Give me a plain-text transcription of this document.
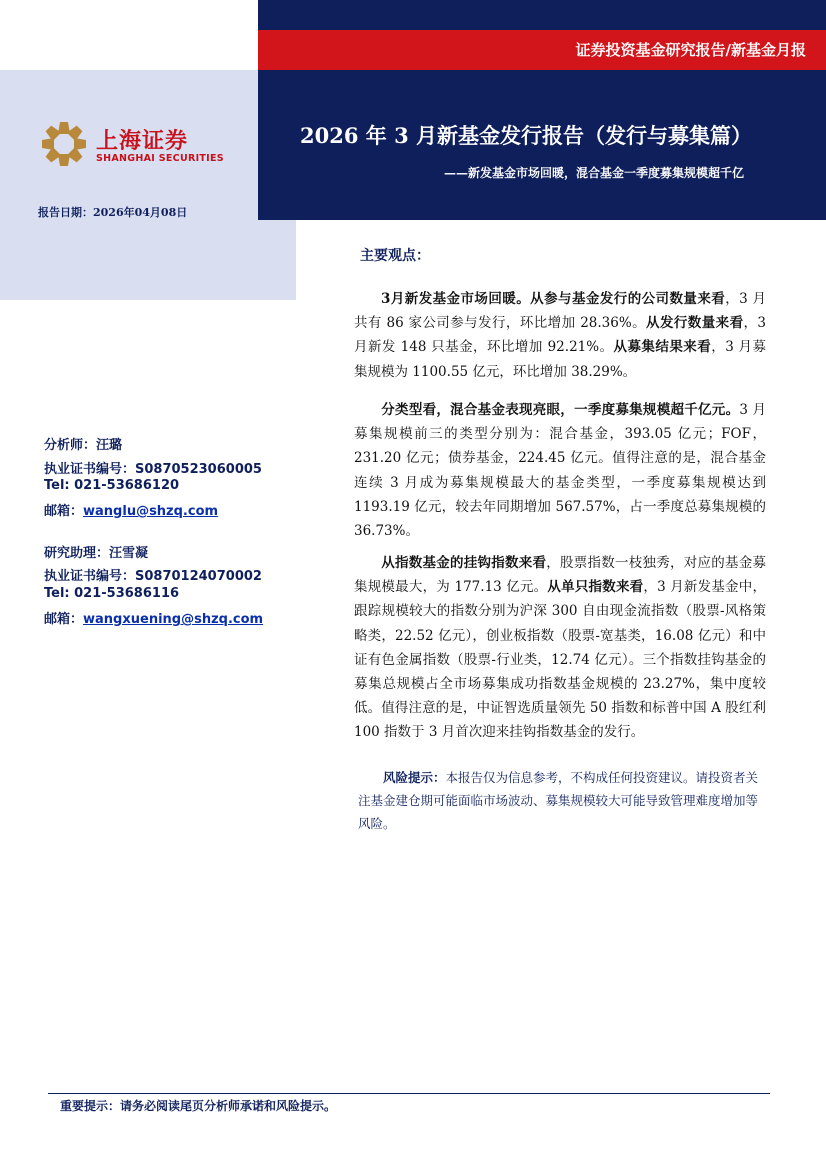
证券投资基金研究报告/新基金月报
上海证券
SHANGHAI SECURITIES
报告日期：2026年04月08日
2026 年 3 月新基金发行报告（发行与募集篇）
——新发基金市场回暖，混合基金一季度募集规模超千亿
分析师：汪璐
执业证书编号：S0870523060005
Tel: 021-53686120
邮箱：wanglu@shzq.com
研究助理：汪雪凝
执业证书编号：S0870124070002
Tel: 021-53686116
邮箱：wangxuening@shzq.com
主要观点：
  3月新发基金市场回暖。从参与基金发行的公司数量来看，3 月共有 86 家公司参与发行，环比增加 28.36%。从发行数量来看，3 月新发 148 只基金，环比增加 92.21%。从募集结果来看，3 月募集规模为 1100.55 亿元，环比增加 38.29%。
  分类型看，混合基金表现亮眼，一季度募集规模超千亿元。3 月募集规模前三的类型分别为：混合基金，393.05 亿元；FOF，231.20 亿元；债券基金，224.45 亿元。值得注意的是，混合基金连续 3 月成为募集规模最大的基金类型，一季度募集规模达到 1193.19 亿元，较去年同期增加 567.57%，占一季度总募集规模的 36.73%。
  从指数基金的挂钩指数来看，股票指数一枝独秀，对应的基金募集规模最大，为 177.13 亿元。从单只指数来看，3 月新发基金中，跟踪规模较大的指数分别为沪深 300 自由现金流指数（股票-风格策略类，22.52 亿元），创业板指数（股票-宽基类，16.08 亿元）和中证有色金属指数（股票-行业类，12.74 亿元）。三个指数挂钩基金的募集总规模占全市场募集成功指数基金规模的 23.27%，集中度较低。值得注意的是，中证智选质量领先 50 指数和标普中国 A 股红利 100 指数于 3 月首次迎来挂钩指数基金的发行。
  风险提示：本报告仅为信息参考，不构成任何投资建议。请投资者关注基金建仓期可能面临市场波动、募集规模较大可能导致管理难度增加等风险。
重要提示：请务必阅读尾页分析师承诺和风险提示。
